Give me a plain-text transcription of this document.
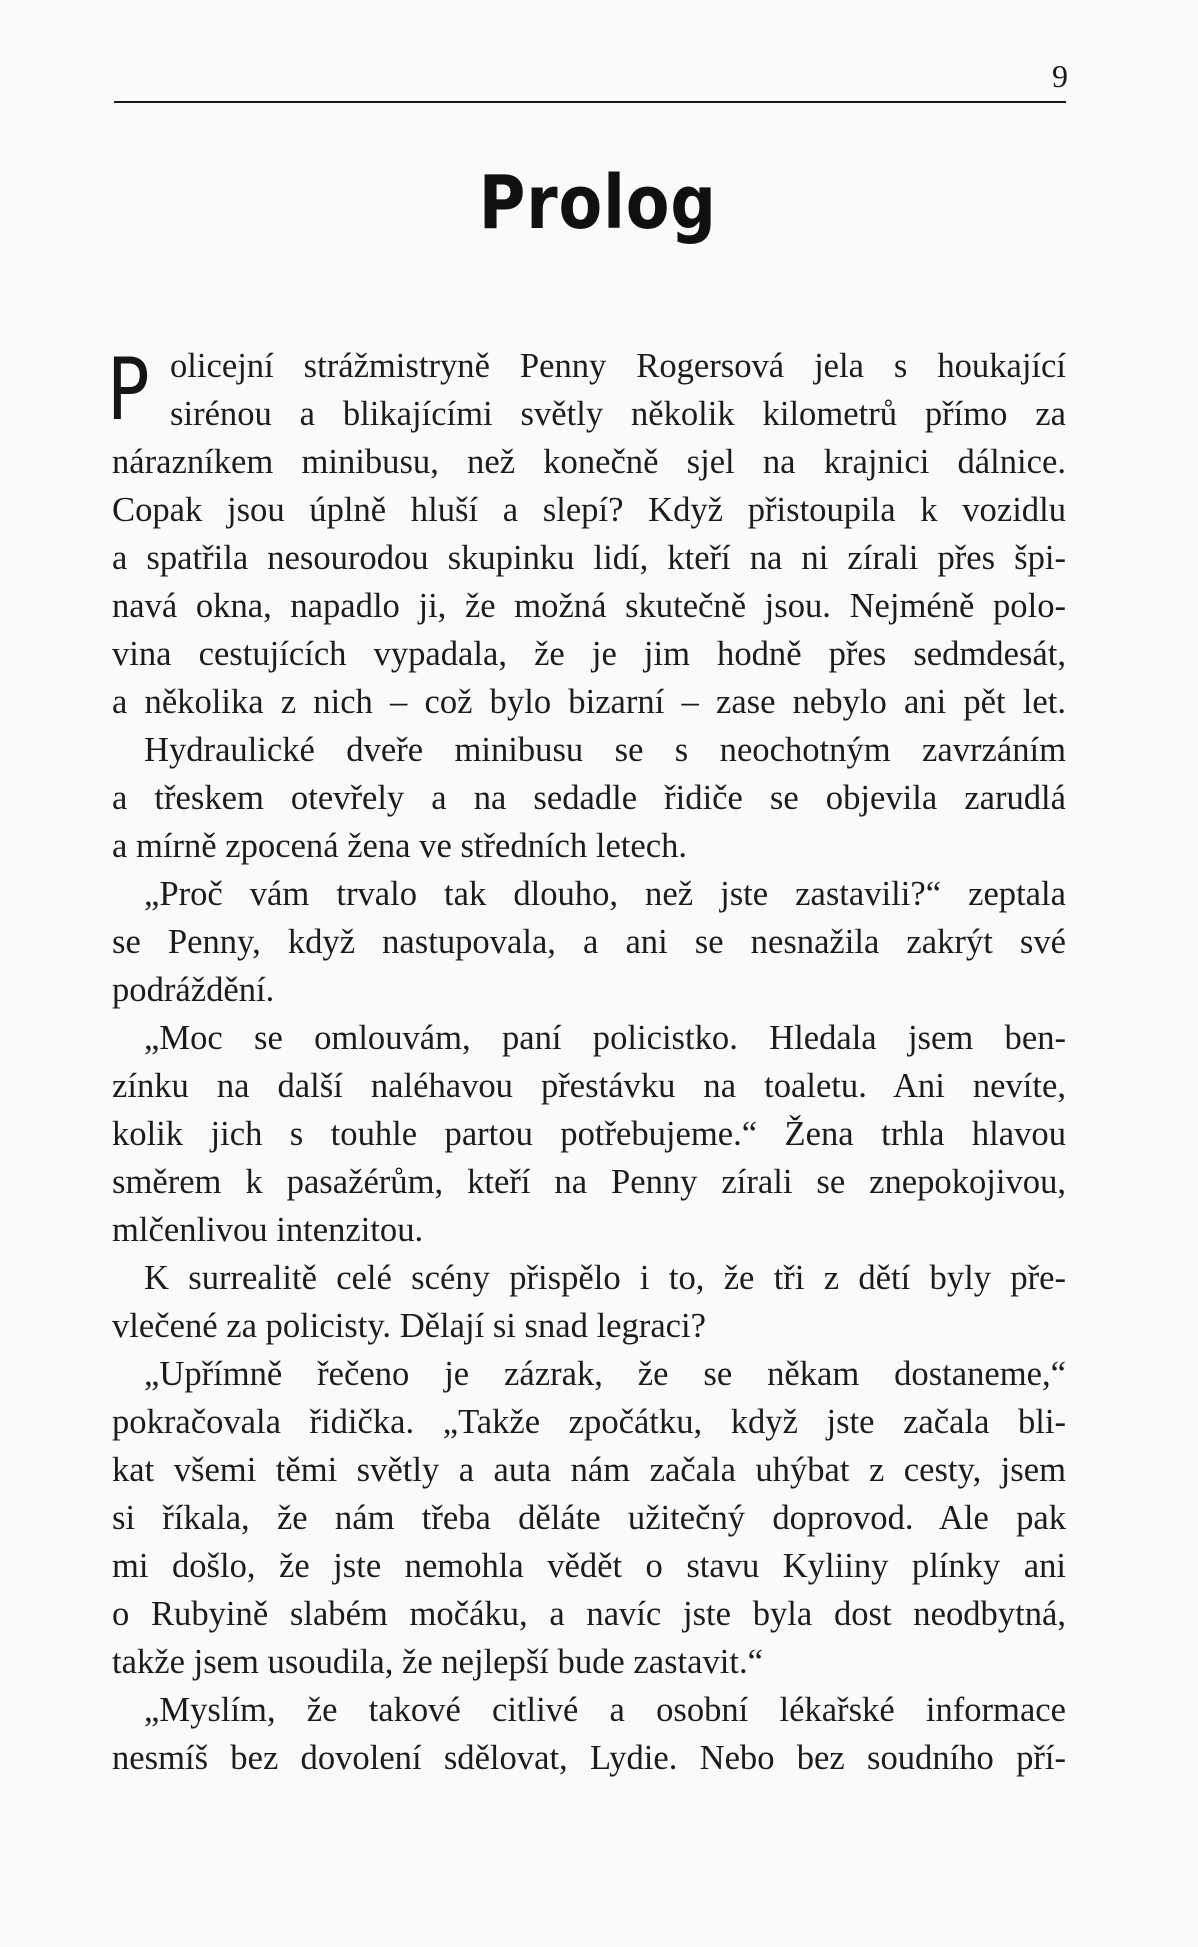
9
Prolog
P olicejní strážmistryně Penny Rogersová jela s houkající
sirénou a blikajícími světly několik kilometrů přímo za
nárazníkem minibusu, než konečně sjel na krajnici dálnice.
Copak jsou úplně hluší a slepí? Když přistoupila k vozidlu
a spatřila nesourodou skupinku lidí, kteří na ni zírali přes špi-
navá okna, napadlo ji, že možná skutečně jsou. Nejméně polo-
vina cestujících vypadala, že je jim hodně přes sedmdesát,
a několika z nich – což bylo bizarní – zase nebylo ani pět let.
Hydraulické dveře minibusu se s neochotným zavrzáním
a třeskem otevřely a na sedadle řidiče se objevila zarudlá
a mírně zpocená žena ve středních letech.
„Proč vám trvalo tak dlouho, než jste zastavili?“ zeptala
se Penny, když nastupovala, a ani se nesnažila zakrýt své
podráždění.
„Moc se omlouvám, paní policistko. Hledala jsem ben-
zínku na další naléhavou přestávku na toaletu. Ani nevíte,
kolik jich s touhle partou potřebujeme.“ Žena trhla hlavou
směrem k pasažérům, kteří na Penny zírali se znepokojivou,
mlčenlivou intenzitou.
K surrealitě celé scény přispělo i to, že tři z dětí byly pře-
vlečené za policisty. Dělají si snad legraci?
„Upřímně řečeno je zázrak, že se někam dostaneme,“
pokračovala řidička. „Takže zpočátku, když jste začala bli-
kat všemi těmi světly a auta nám začala uhýbat z cesty, jsem
si říkala, že nám třeba děláte užitečný doprovod. Ale pak
mi došlo, že jste nemohla vědět o stavu Kyliiny plínky ani
o Rubyině slabém močáku, a navíc jste byla dost neodbytná,
takže jsem usoudila, že nejlepší bude zastavit.“
„Myslím, že takové citlivé a osobní lékařské informace
nesmíš bez dovolení sdělovat, Lydie. Nebo bez soudního pří-
